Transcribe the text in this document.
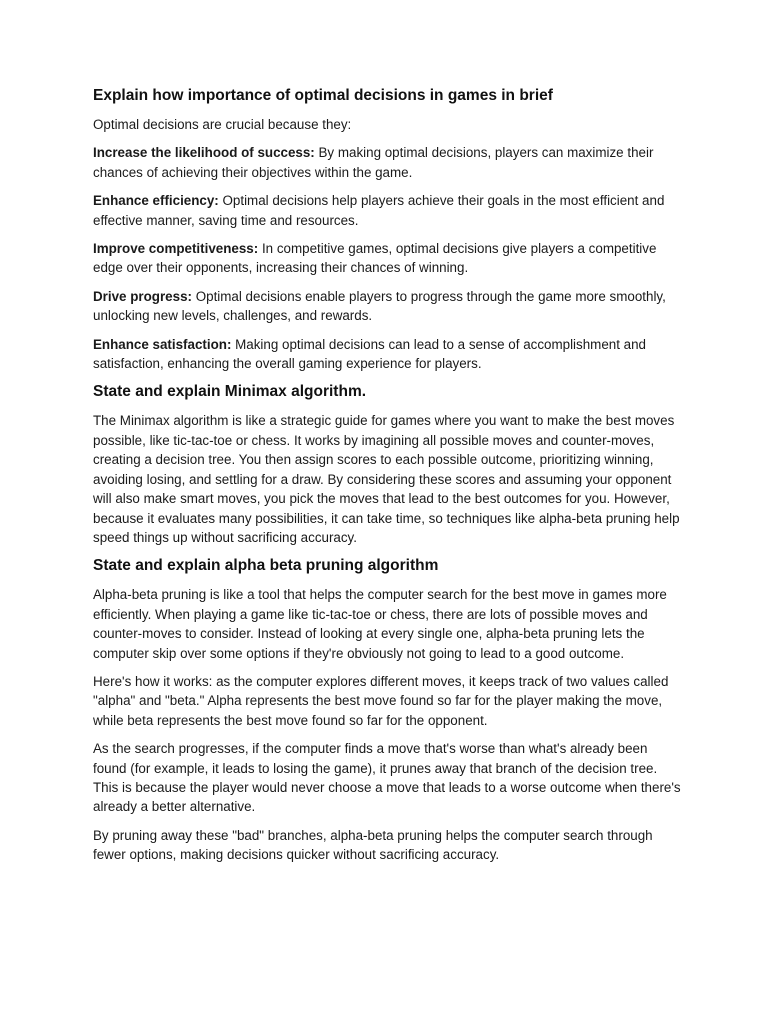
Explain how importance of optimal decisions in games in brief

Optimal decisions are crucial because they:

Increase the likelihood of success: By making optimal decisions, players can maximize their chances of achieving their objectives within the game.

Enhance efficiency: Optimal decisions help players achieve their goals in the most efficient and effective manner, saving time and resources.

Improve competitiveness: In competitive games, optimal decisions give players a competitive edge over their opponents, increasing their chances of winning.

Drive progress: Optimal decisions enable players to progress through the game more smoothly, unlocking new levels, challenges, and rewards.

Enhance satisfaction: Making optimal decisions can lead to a sense of accomplishment and satisfaction, enhancing the overall gaming experience for players.

State and explain Minimax algorithm.

The Minimax algorithm is like a strategic guide for games where you want to make the best moves possible, like tic-tac-toe or chess. It works by imagining all possible moves and counter-moves, creating a decision tree. You then assign scores to each possible outcome, prioritizing winning, avoiding losing, and settling for a draw. By considering these scores and assuming your opponent will also make smart moves, you pick the moves that lead to the best outcomes for you. However, because it evaluates many possibilities, it can take time, so techniques like alpha-beta pruning help speed things up without sacrificing accuracy.

State and explain alpha beta pruning algorithm

Alpha-beta pruning is like a tool that helps the computer search for the best move in games more efficiently. When playing a game like tic-tac-toe or chess, there are lots of possible moves and counter-moves to consider. Instead of looking at every single one, alpha-beta pruning lets the computer skip over some options if they're obviously not going to lead to a good outcome.

Here's how it works: as the computer explores different moves, it keeps track of two values called "alpha" and "beta." Alpha represents the best move found so far for the player making the move, while beta represents the best move found so far for the opponent.

As the search progresses, if the computer finds a move that's worse than what's already been found (for example, it leads to losing the game), it prunes away that branch of the decision tree. This is because the player would never choose a move that leads to a worse outcome when there's already a better alternative.

By pruning away these "bad" branches, alpha-beta pruning helps the computer search through fewer options, making decisions quicker without sacrificing accuracy.
